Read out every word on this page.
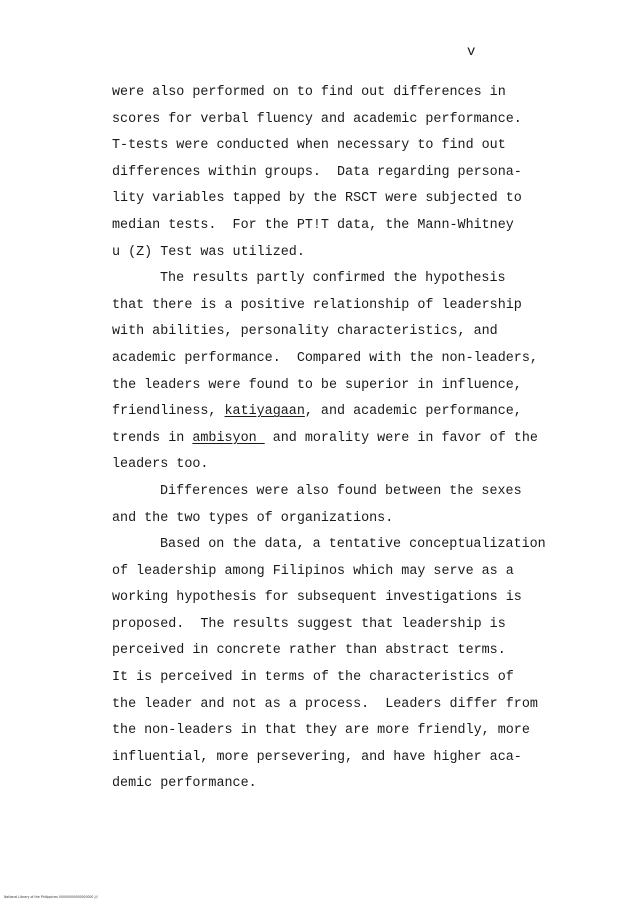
v
were also performed on to find out differences in
scores for verbal fluency and academic performance.
T-tests were conducted when necessary to find out
differences within groups.  Data regarding persona-
lity variables tapped by the RSCT were subjected to
median tests.  For the PT!T data, the Mann-Whitney
u (Z) Test was utilized.
The results partly confirmed the hypothesis
that there is a positive relationship of leadership
with abilities, personality characteristics, and
academic performance.  Compared with the non-leaders,
the leaders were found to be superior in influence,
friendliness, katiyagaan, and academic performance,
trends in ambisyon  and morality were in favor of the
leaders too.
Differences were also found between the sexes
and the two types of organizations.
Based on the data, a tentative conceptualization
of leadership among Filipinos which may serve as a
working hypothesis for subsequent investigations is
proposed.  The results suggest that leadership is
perceived in concrete rather than abstract terms.
It is perceived in terms of the characteristics of
the leader and not as a process.  Leaders differ from
the non-leaders in that they are more friendly, more
influential, more persevering, and have higher aca-
demic performance.
National Library of the Philippines 00000000000000000 ///
